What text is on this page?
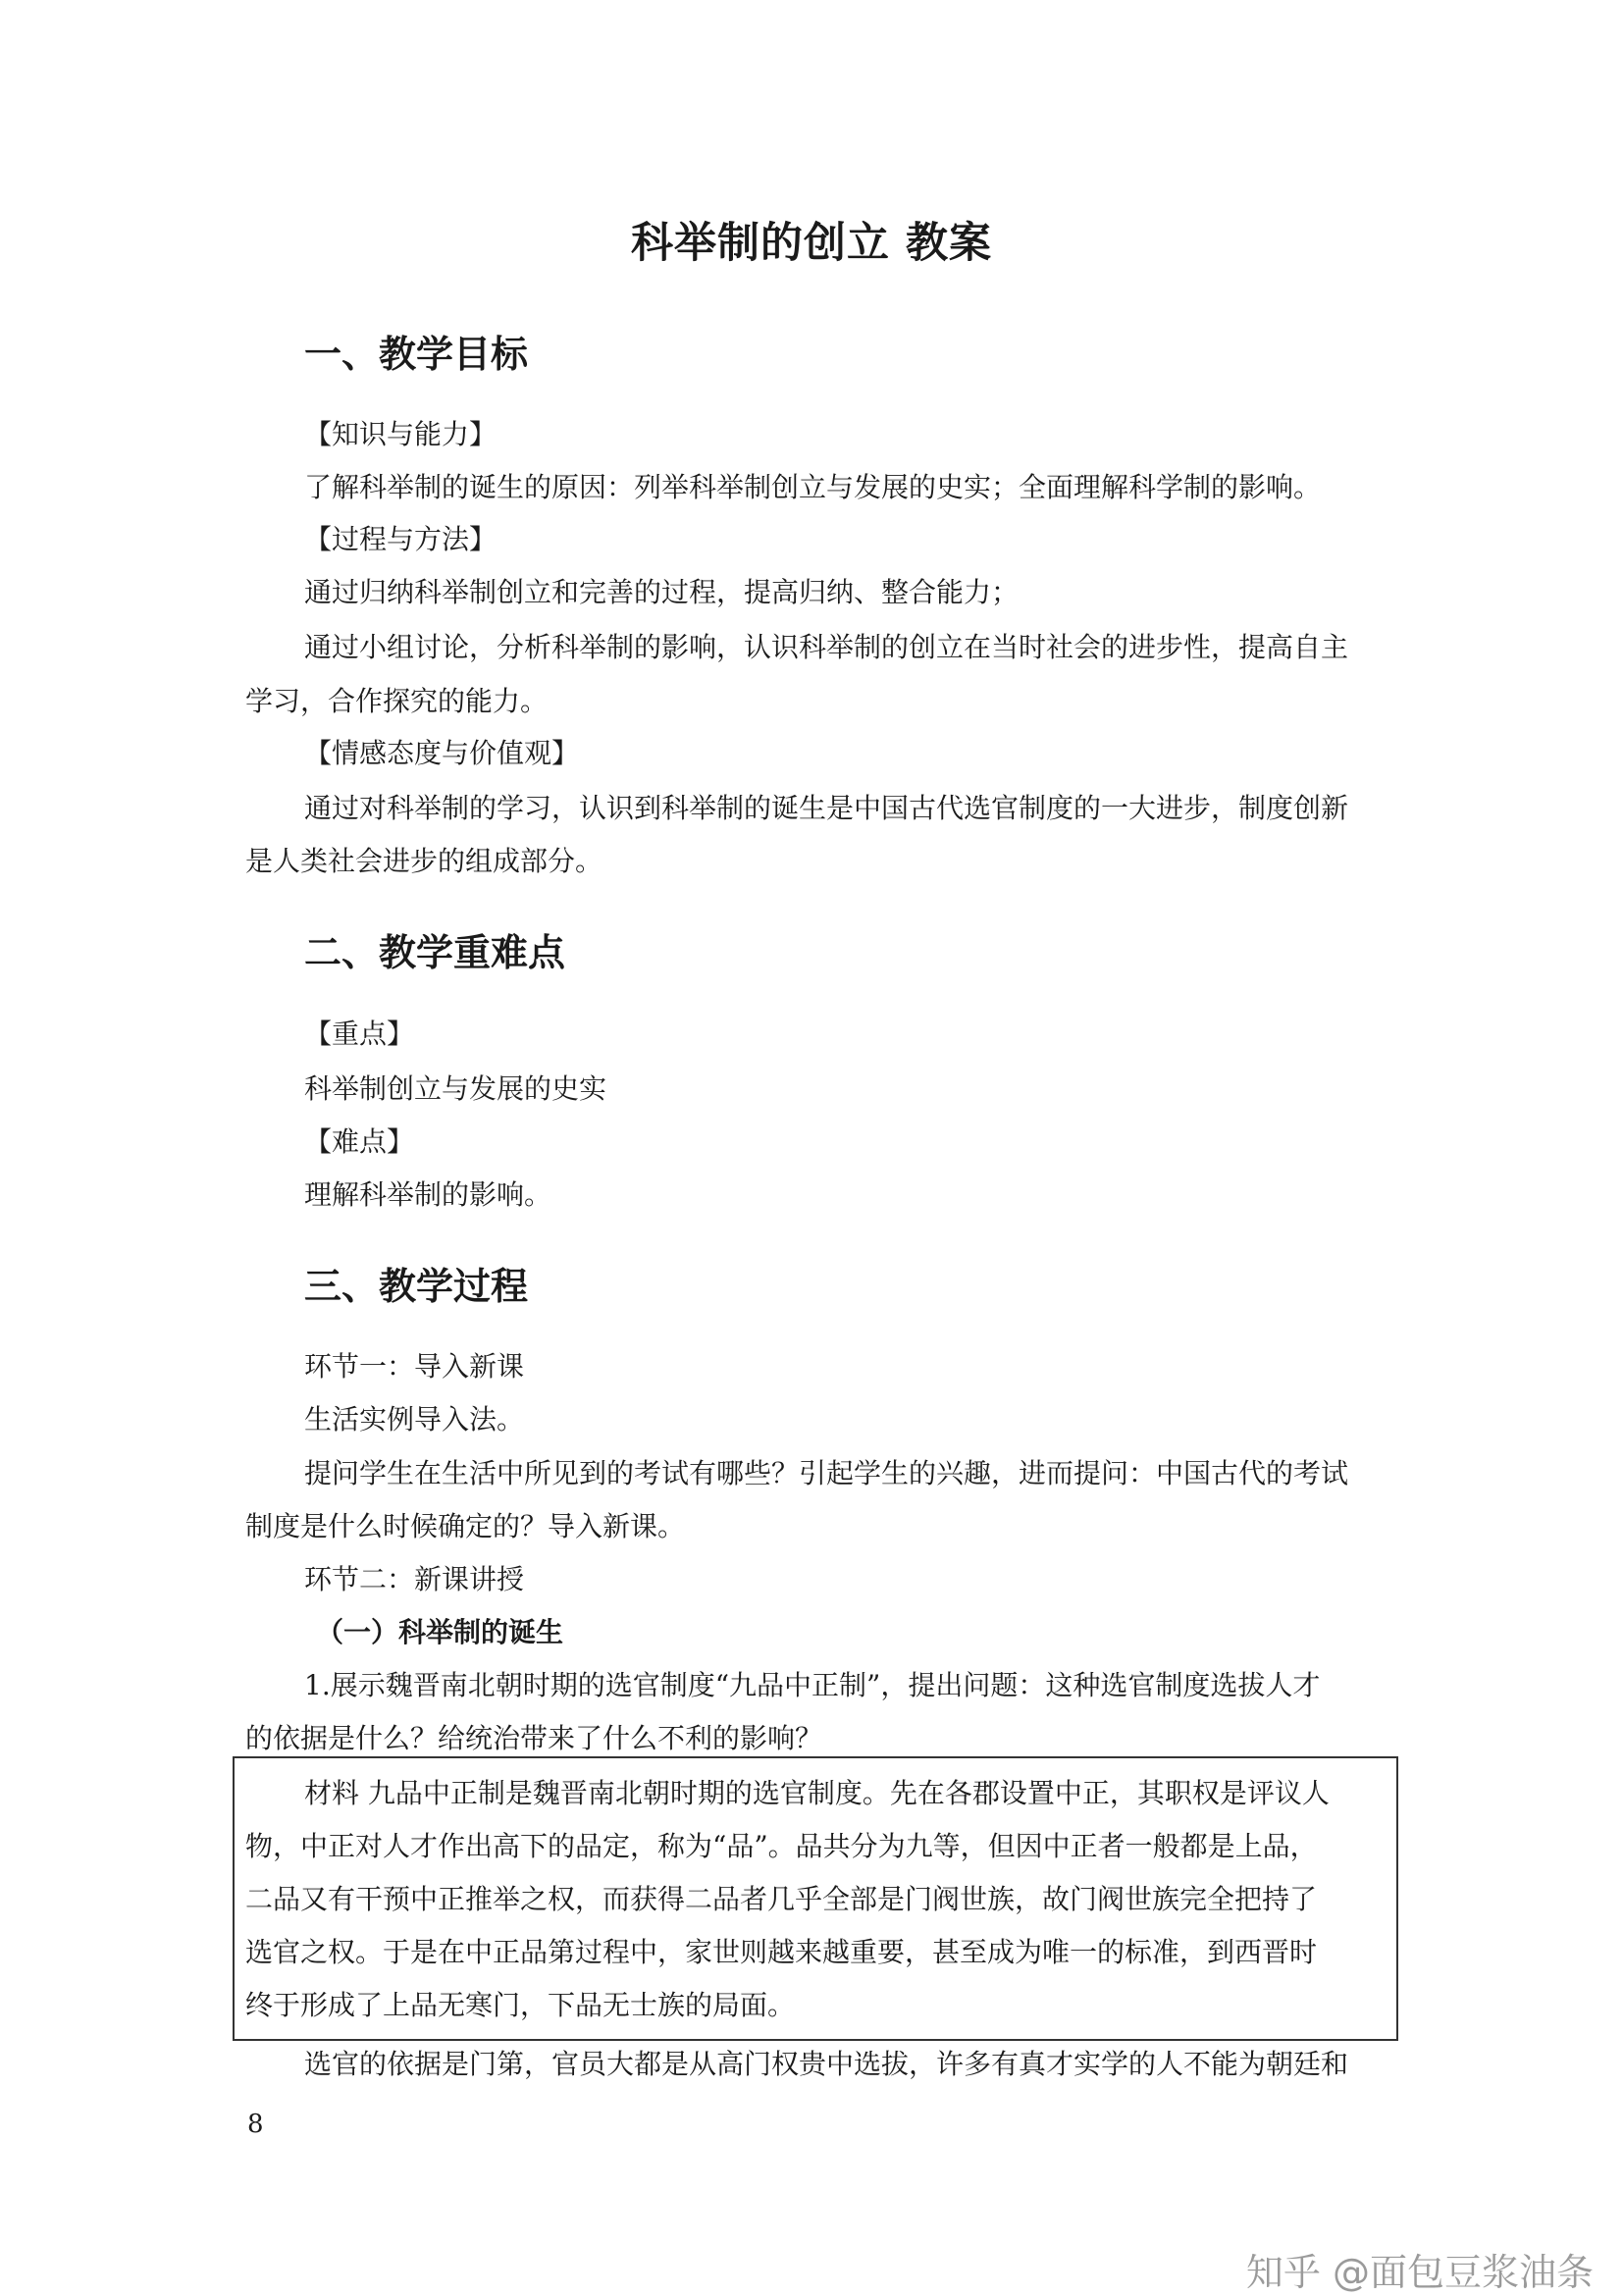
科举制的创立 教案
一、教学目标

【知识与能力】

了解科举制的诞生的原因：列举科举制创立与发展的史实；全面理解科学制的影响。

【过程与方法】

通过归纳科举制创立和完善的过程，提高归纳、整合能力；

通过小组讨论，分析科举制的影响，认识科举制的创立在当时社会的进步性，提高自主

学习，合作探究的能力。

【情感态度与价值观】

通过对科举制的学习，认识到科举制的诞生是中国古代选官制度的一大进步，制度创新

是人类社会进步的组成部分。

二、教学重难点

【重点】

科举制创立与发展的史实

【难点】

理解科举制的影响。

三、教学过程

环节一：导入新课

生活实例导入法。

提问学生在生活中所见到的考试有哪些？引起学生的兴趣，进而提问：中国古代的考试

制度是什么时候确定的？导入新课。

环节二：新课讲授

（一）科举制的诞生

1.展示魏晋南北朝时期的选官制度“九品中正制”，提出问题：这种选官制度选拔人才

的依据是什么？给统治带来了什么不利的影响？

材料 九品中正制是魏晋南北朝时期的选官制度。先在各郡设置中正，其职权是评议人

物，中正对人才作出高下的品定，称为“品”。品共分为九等，但因中正者一般都是上品，

二品又有干预中正推举之权，而获得二品者几乎全部是门阀世族，故门阀世族完全把持了

选官之权。于是在中正品第过程中，家世则越来越重要，甚至成为唯一的标准，到西晋时

终于形成了上品无寒门，下品无士族的局面。

选官的依据是门第，官员大都是从高门权贵中选拔，许多有真才实学的人不能为朝廷和

8
知乎 @面包豆浆油条
